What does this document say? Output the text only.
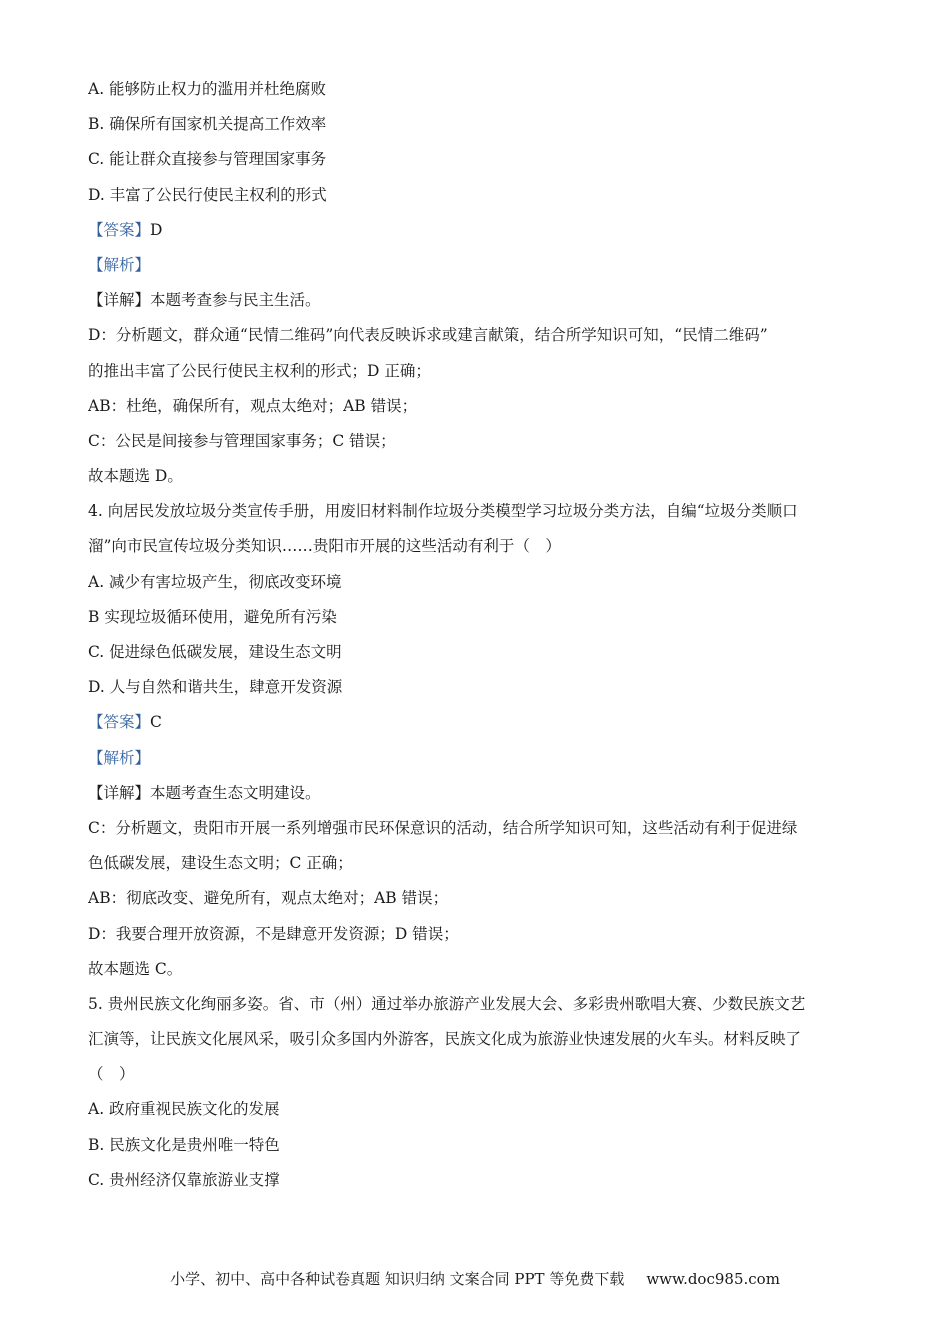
A. 能够防止权力的滥用并杜绝腐败
B. 确保所有国家机关提高工作效率
C. 能让群众直接参与管理国家事务
D. 丰富了公民行使民主权利的形式
【答案】D
【解析】
【详解】本题考查参与民主生活。
D：分析题文，群众通“民情二维码”向代表反映诉求或建言献策，结合所学知识可知，“民情二维码”
的推出丰富了公民行使民主权利的形式；D 正确；
AB：杜绝，确保所有，观点太绝对；AB 错误；
C：公民是间接参与管理国家事务；C 错误；
故本题选 D。
4. 向居民发放垃圾分类宣传手册，用废旧材料制作垃圾分类模型学习垃圾分类方法，自编“垃圾分类顺口
溜”向市民宣传垃圾分类知识……贵阳市开展的这些活动有利于（　）
A. 减少有害垃圾产生，彻底改变环境
B 实现垃圾循环使用，避免所有污染
C. 促进绿色低碳发展，建设生态文明
D. 人与自然和谐共生，肆意开发资源
【答案】C
【解析】
【详解】本题考查生态文明建设。
C：分析题文，贵阳市开展一系列增强市民环保意识的活动，结合所学知识可知，这些活动有利于促进绿
色低碳发展，建设生态文明；C 正确；
AB：彻底改变、避免所有，观点太绝对；AB 错误；
D：我要合理开放资源，不是肆意开发资源；D 错误；
故本题选 C。
5. 贵州民族文化绚丽多姿。省、市（州）通过举办旅游产业发展大会、多彩贵州歌唱大赛、少数民族文艺
汇演等，让民族文化展风采，吸引众多国内外游客，民族文化成为旅游业快速发展的火车头。材料反映了
（　）
A. 政府重视民族文化的发展
B. 民族文化是贵州唯一特色
C. 贵州经济仅靠旅游业支撑
小学、初中、高中各种试卷真题 知识归纳 文案合同 PPT 等免费下载 www.doc985.com
